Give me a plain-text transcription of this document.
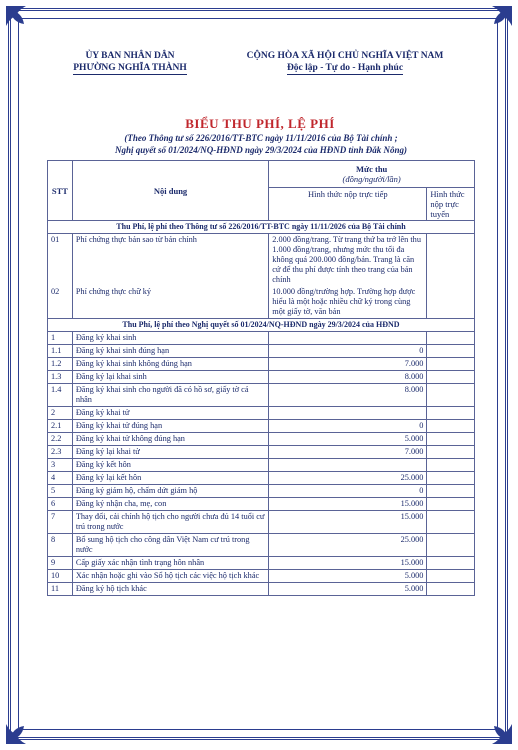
ỦY BAN NHÂN DÂN
PHƯỜNG NGHĨA THÀNH
CỘNG HÒA XÃ HỘI CHỦ NGHĨA VIỆT NAM
Độc lập - Tự do - Hạnh phúc
BIỂU THU PHÍ, LỆ PHÍ
(Theo Thông tư số 226/2016/TT-BTC ngày 11/11/2016 của Bộ Tài chính ;
Nghị quyết số 01/2024/NQ-HĐND ngày 29/3/2024 của HĐND tỉnh Đắk Nông)
STT	Nội dung	Mức thu
(đồng/người/lần)	

		Hình thức nộp trực tiếp	Hình thức nộp trực tuyến
Thu Phí, lệ phí theo Thông tư số 226/2016/TT-BTC ngày 11/11/2026 của Bộ Tài chính			
01	Phí chứng thực bản sao từ bản chính	2.000 đồng/trang. Từ trang thứ ba trở lên thu 1.000 đồng/trang, nhưng mức thu tối đa không quá 200.000 đồng/bản. Trang là căn cứ để thu phí được tính theo trang của bản chính	
02	Phí chứng thực chữ ký	10.000 đồng/trường hợp. Trường hợp được hiểu là một hoặc nhiều chữ ký trong cùng một giấy tờ, văn bản	
Thu Phí, lệ phí theo Nghị quyết số 01/2024/NQ-HĐND ngày 29/3/2024 của HĐND			
1	Đăng ký khai sinh		
1.1	Đăng ký khai sinh đúng hạn	0	
1.2	Đăng ký khai sinh không đúng hạn	7.000	
1.3	Đăng ký lại khai sinh	8.000	
1.4	Đăng ký khai sinh cho người đã có hồ sơ, giấy tờ cá nhân	8.000	
2	Đăng ký khai tử		
2.1	Đăng ký khai tử đúng hạn	0	
2.2	Đăng ký khai tử không đúng hạn	5.000	
2.3	Đăng ký lại khai tử	7.000	
3	Đăng ký kết hôn		
4	Đăng ký lại kết hôn	25.000	
5	Đăng ký giám hộ, chấm dứt giám hộ	0	
6	Đăng ký nhận cha, mẹ, con	15.000	
7	Thay đổi, cải chính hộ tịch cho người chưa đủ 14 tuổi cư trú trong nước	15.000	
8	Bổ sung hộ tịch cho công dân Việt Nam cư trú trong nước	25.000	
9	Cấp giấy xác nhận tình trạng hôn nhân	15.000	
10	Xác nhận hoặc ghi vào Sổ hộ tịch các việc hộ tịch khác	5.000	
11	Đăng ký hộ tịch khác	5.000	
